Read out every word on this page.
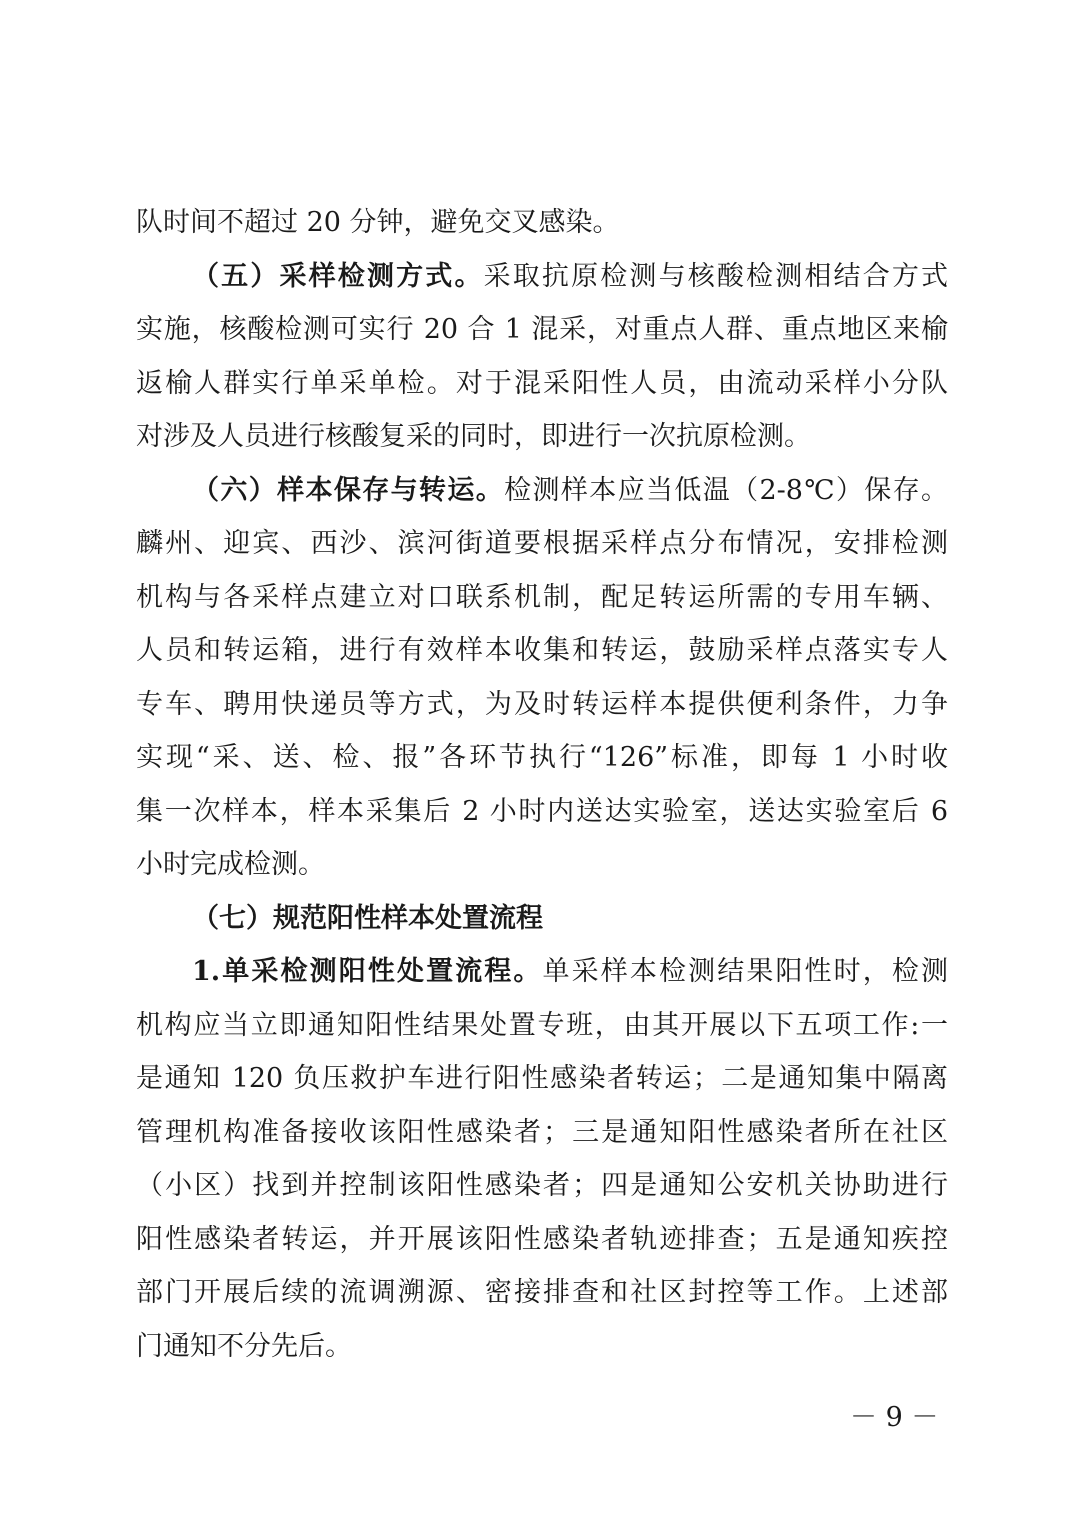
队时间不超过 20 分钟，避免交叉感染。
（五）采样检测方式。采取抗原检测与核酸检测相结合方式
实施，核酸检测可实行 20 合 1 混采，对重点人群、重点地区来榆
返榆人群实行单采单检。对于混采阳性人员，由流动采样小分队
对涉及人员进行核酸复采的同时，即进行一次抗原检测。
（六）样本保存与转运。检测样本应当低温（2-8℃）保存。
麟州、迎宾、西沙、滨河街道要根据采样点分布情况，安排检测
机构与各采样点建立对口联系机制，配足转运所需的专用车辆、
人员和转运箱，进行有效样本收集和转运，鼓励采样点落实专人
专车、聘用快递员等方式，为及时转运样本提供便利条件，力争
实现“采、送、检、报”各环节执行“126”标准，即每 1 小时收
集一次样本，样本采集后 2 小时内送达实验室，送达实验室后 6
小时完成检测。
（七）规范阳性样本处置流程
1.单采检测阳性处置流程。单采样本检测结果阳性时，检测
机构应当立即通知阳性结果处置专班，由其开展以下五项工作:一
是通知 120 负压救护车进行阳性感染者转运；二是通知集中隔离
管理机构准备接收该阳性感染者；三是通知阳性感染者所在社区
（小区）找到并控制该阳性感染者；四是通知公安机关协助进行
阳性感染者转运，并开展该阳性感染者轨迹排查；五是通知疾控
部门开展后续的流调溯源、密接排查和社区封控等工作。上述部
门通知不分先后。
－ 9 －
